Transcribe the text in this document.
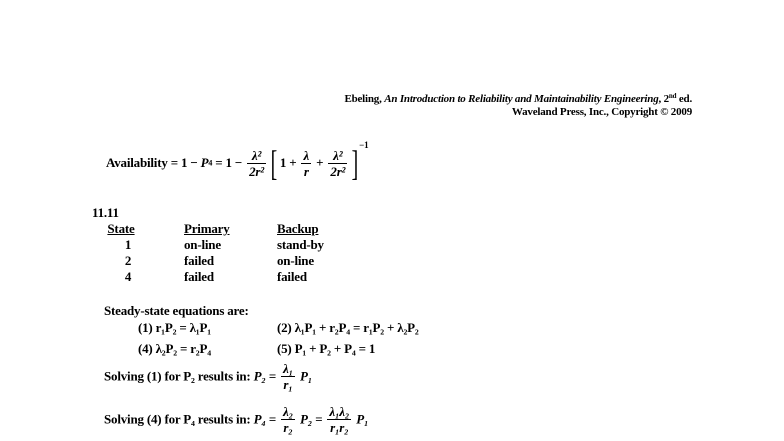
Ebeling, An Introduction to Reliability and Maintainability Engineering, 2nd ed.
Waveland Press, Inc., Copyright © 2009
Availability = $1 - P4 = 1 - \frac{\text{λ²}}{\text{2r²}}$ [ $1 + \frac{\lambda}{r} + \frac{\text{λ²}}{\text{2r²}}$ ] $^{-1}$
11.11
State	Primary	Backup
1	on-line	stand-by
2	failed	on-line
4	failed	failed
Steady-state equations are:
(1) r₁P₂ = λ₁P₁	(2) λ₁P₁ + r₂P₄ = r₁P₂ + λ₂P₂
(4) λ₂P₂ = r₂P₄	(5) P₁ + P₂ + P₄ = 1
Solving (1) for P₂ results in: $P_2 = \frac{\text{λ₁}}{\text{r₁}} P_1$
Solving (4) for P₄ results in: $P_4 = \frac{\text{λ₂}}{\text{r₂}} P_2 = \frac{\text{λ₁λ₂}}{\text{r₁r₂}} P_1$
